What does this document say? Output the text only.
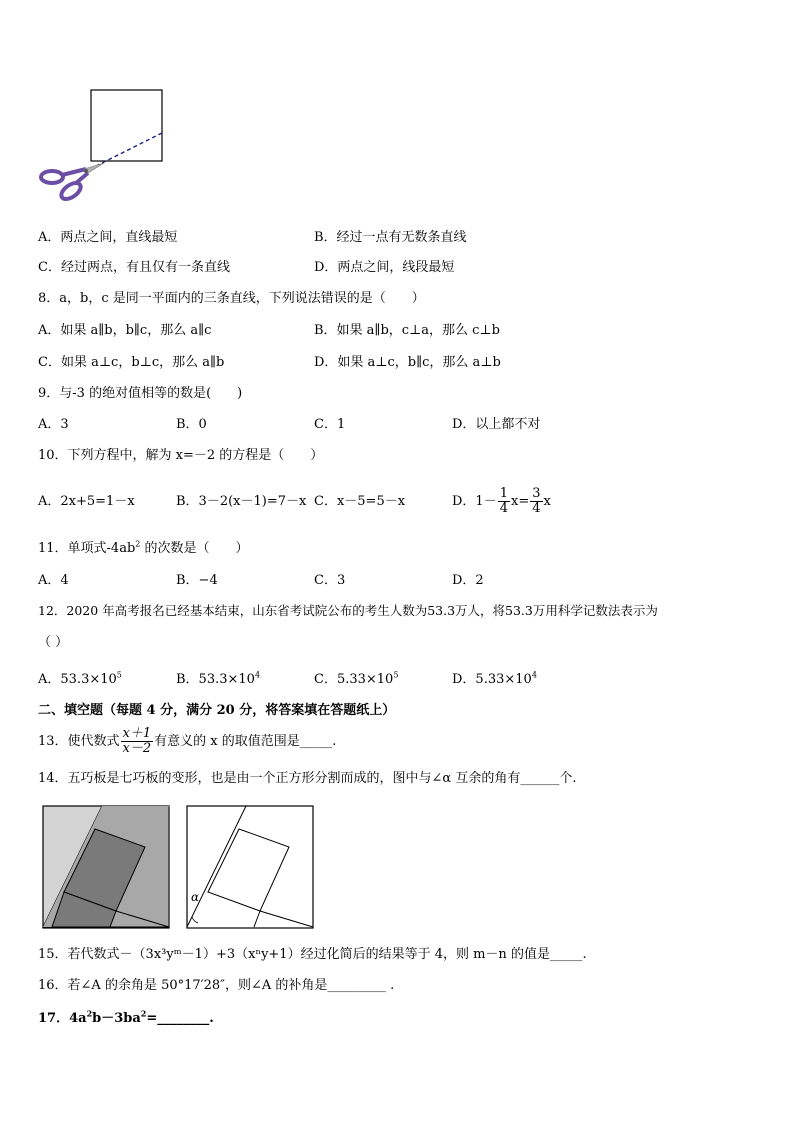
A．两点之间，直线最短	B．经过一点有无数条直线
C．经过两点，有且仅有一条直线	D．两点之间，线段最短
8．a，b，c 是同一平面内的三条直线，下列说法错误的是（　　）
A．如果 a∥b，b∥c，那么 a∥c	B．如果 a∥b，c⊥a，那么 c⊥b
C．如果 a⊥c，b⊥c，那么 a∥b	D．如果 a⊥c，b∥c，那么 a⊥b
9．与-3 的绝对值相等的数是(　　)
A．3	B．0	C．1	D．以上都不对
10．下列方程中，解为 x=－2 的方程是（　　）
A．2x+5=1－x	B．3－2(x－1)=7－x C．x－5=5－x	D．$1- \frac{1}{4} x= \frac{3}{4}$ x
11．单项式$-4ab^2$ 的次数是（　　）
A．4	B．−4	C．3	D．2
12．2020 年高考报名已经基本结束，山东省考试院公布的考生人数为53.3万人，将53.3万用科学记数法表示为
（ ）
A．$53.3\times 10^5$	B．$53.3\times 10^4$	C．$5.33\times 10^5$	D．$5.33\times 10^4$
二、填空题（每题 4 分，满分 20 分，将答案填在答题纸上）
13．使代数式 $\frac{x+1}{x-2}$ 有意义的 x 的取值范围是_____.
14．五巧板是七巧板的变形，也是由一个正方形分割而成的，图中与∠α 互余的角有______个.
α
15．若代数式－（3x³yᵐ－1）+3（xⁿy+1）经过化简后的结果等于 4，则 m－n 的值是_____.
16．若∠A 的余角是 50°17′28″，则∠A 的补角是_________ .
17．$4a^2b-3ba^2=\_\_\_\_\_\_\_\_$.
